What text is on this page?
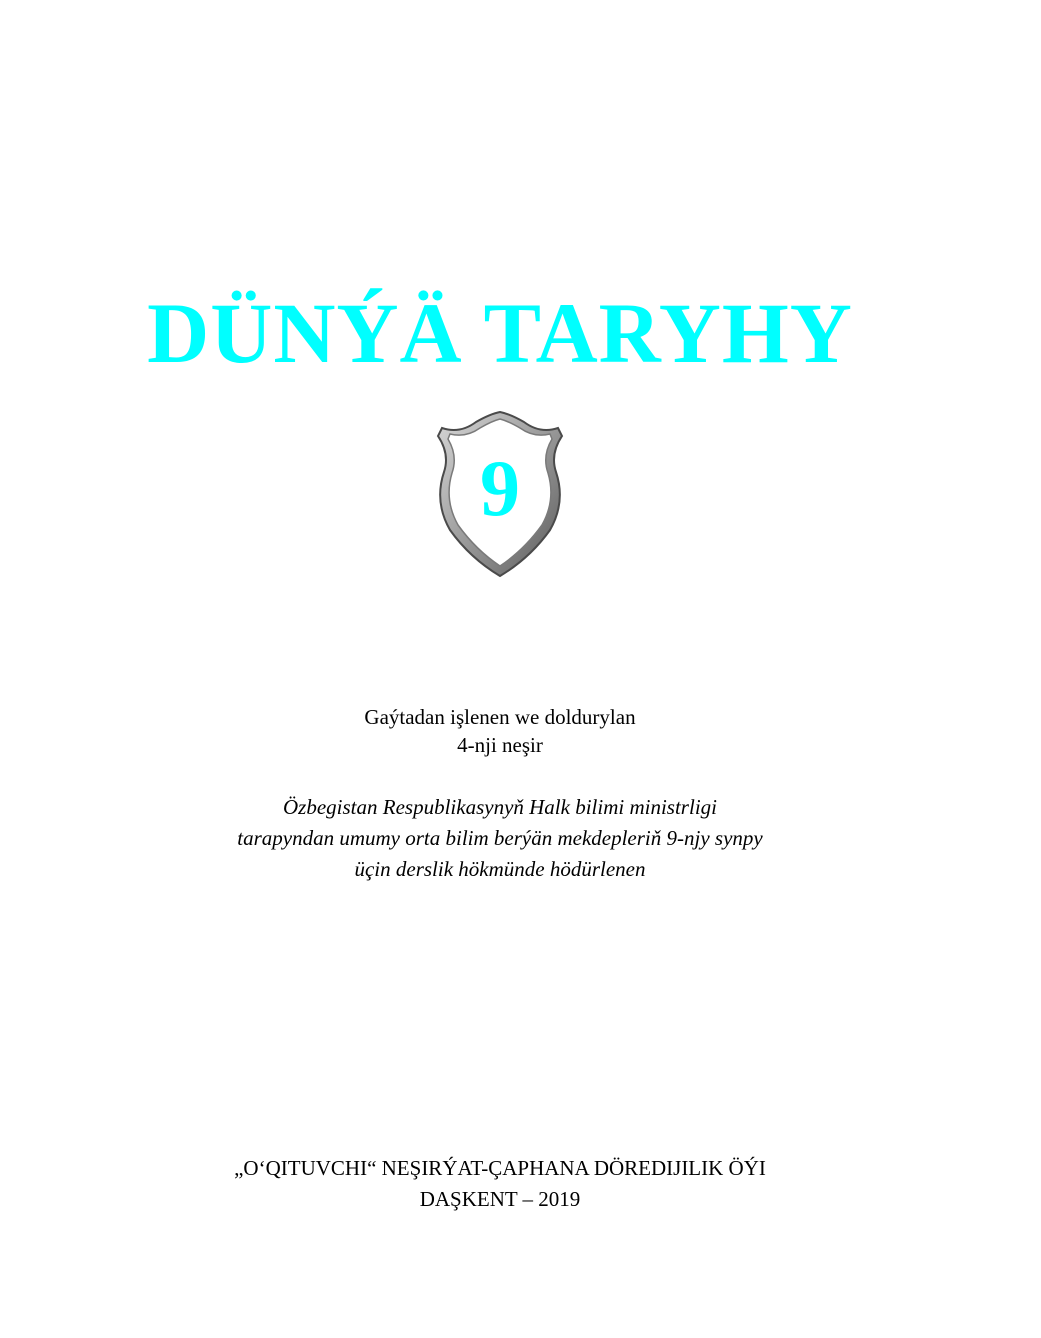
DÜNÝÄ TARYHY
9
Gaýtadan işlenen we doldurylan
4-nji neşir
Özbegistan Respublikasynyň Halk bilimi ministrligi
tarapyndan umumy orta bilim berýän mekdepleriň 9-njy synpy
üçin derslik hökmünde hödürlenen
„O‘QITUVCHI“ NEŞIRÝAT-ÇAPHANA DÖREDIJILIK ÖÝI
DAŞKENT – 2019
